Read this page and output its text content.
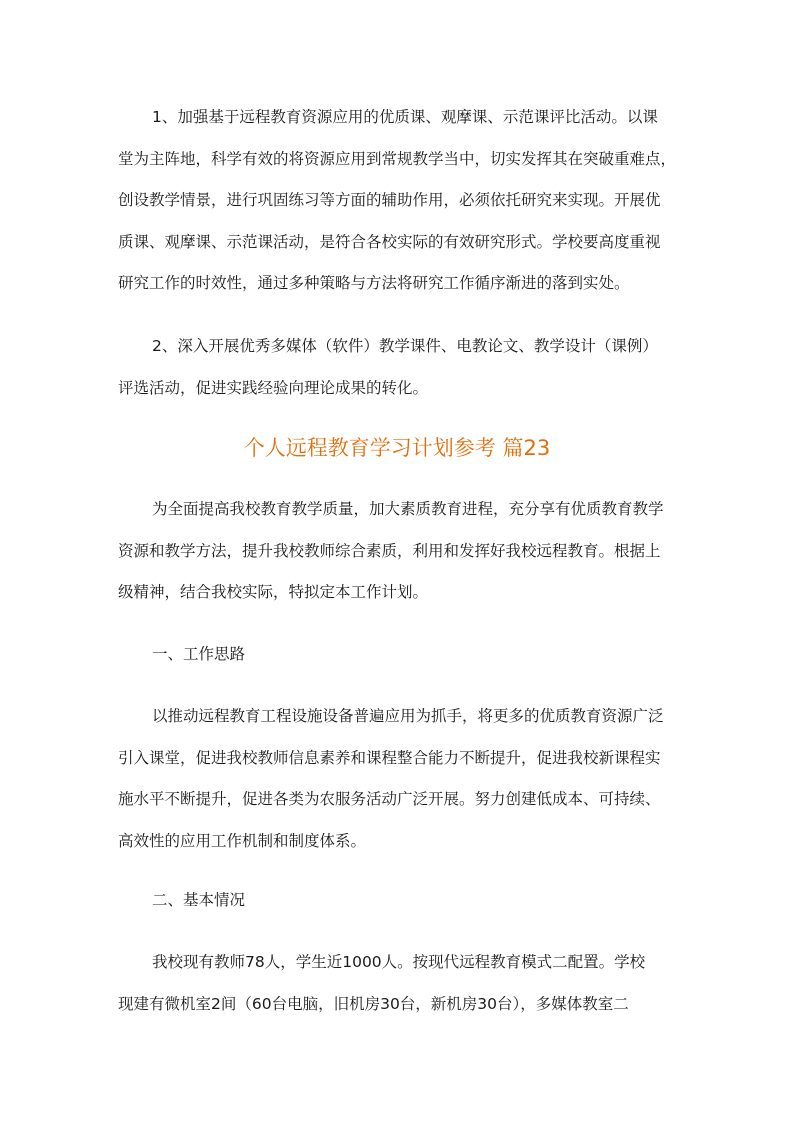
1、加强基于远程教育资源应用的优质课、观摩课、示范课评比活动。以课
堂为主阵地，科学有效的将资源应用到常规教学当中，切实发挥其在突破重难点，
创设教学情景，进行巩固练习等方面的辅助作用，必须依托研究来实现。开展优
质课、观摩课、示范课活动，是符合各校实际的有效研究形式。学校要高度重视
研究工作的时效性，通过多种策略与方法将研究工作循序渐进的落到实处。
2、深入开展优秀多媒体（软件）教学课件、电教论文、教学设计（课例）
评选活动，促进实践经验向理论成果的转化。
个人远程教育学习计划参考 篇23
为全面提高我校教育教学质量，加大素质教育进程，充分享有优质教育教学
资源和教学方法，提升我校教师综合素质，利用和发挥好我校远程教育。根据上
级精神，结合我校实际，特拟定本工作计划。
一、工作思路
以推动远程教育工程设施设备普遍应用为抓手，将更多的优质教育资源广泛
引入课堂，促进我校教师信息素养和课程整合能力不断提升，促进我校新课程实
施水平不断提升，促进各类为农服务活动广泛开展。努力创建低成本、可持续、
高效性的应用工作机制和制度体系。
二、基本情况
我校现有教师78人，学生近1000人。按现代远程教育模式二配置。学校
现建有微机室2间（60台电脑，旧机房30台，新机房30台），多媒体教室二
